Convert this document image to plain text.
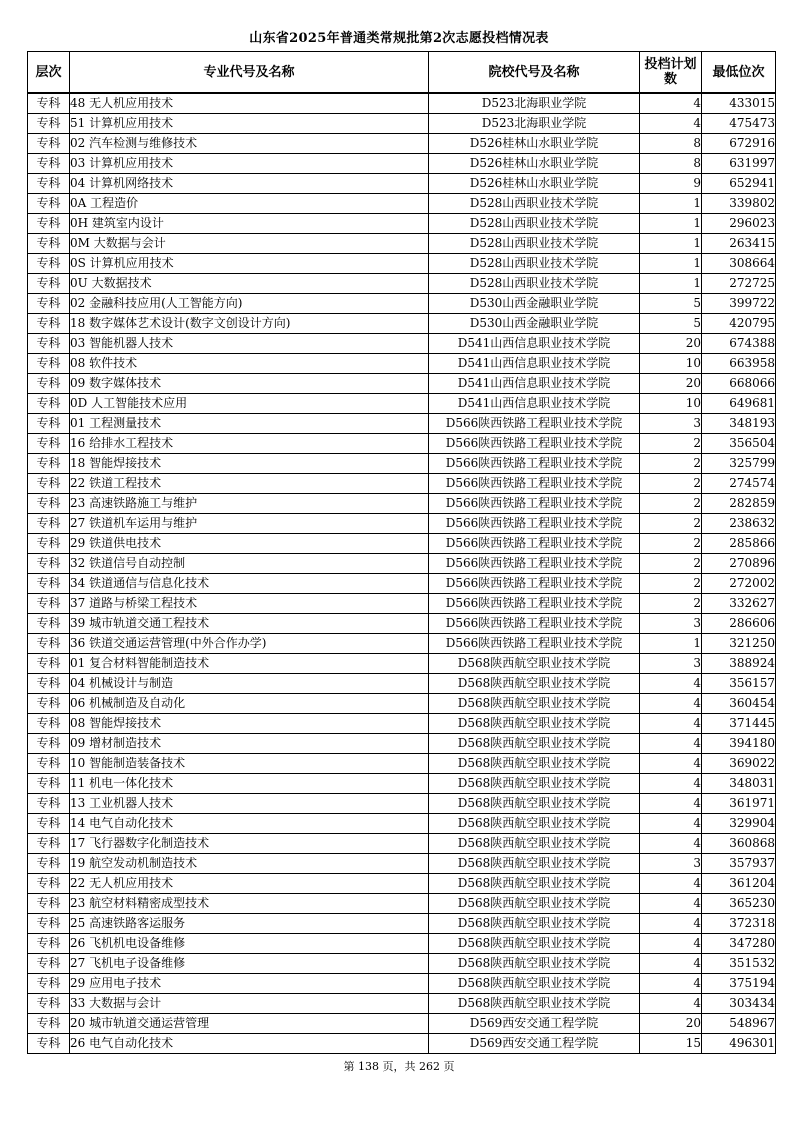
山东省2025年普通类常规批第2次志愿投档情况表
层次	专业代号及名称	院校代号及名称	投档计划数	最低位次
专科	48 无人机应用技术	D523北海职业学院	4	433015
专科	51 计算机应用技术	D523北海职业学院	4	475473
专科	02 汽车检测与维修技术	D526桂林山水职业学院	8	672916
专科	03 计算机应用技术	D526桂林山水职业学院	8	631997
专科	04 计算机网络技术	D526桂林山水职业学院	9	652941
专科	0A 工程造价	D528山西职业技术学院	1	339802
专科	0H 建筑室内设计	D528山西职业技术学院	1	296023
专科	0M 大数据与会计	D528山西职业技术学院	1	263415
专科	0S 计算机应用技术	D528山西职业技术学院	1	308664
专科	0U 大数据技术	D528山西职业技术学院	1	272725
专科	02 金融科技应用(人工智能方向)	D530山西金融职业学院	5	399722
专科	18 数字媒体艺术设计(数字文创设计方向)	D530山西金融职业学院	5	420795
专科	03 智能机器人技术	D541山西信息职业技术学院	20	674388
专科	08 软件技术	D541山西信息职业技术学院	10	663958
专科	09 数字媒体技术	D541山西信息职业技术学院	20	668066
专科	0D 人工智能技术应用	D541山西信息职业技术学院	10	649681
专科	01 工程测量技术	D566陕西铁路工程职业技术学院	3	348193
专科	16 给排水工程技术	D566陕西铁路工程职业技术学院	2	356504
专科	18 智能焊接技术	D566陕西铁路工程职业技术学院	2	325799
专科	22 铁道工程技术	D566陕西铁路工程职业技术学院	2	274574
专科	23 高速铁路施工与维护	D566陕西铁路工程职业技术学院	2	282859
专科	27 铁道机车运用与维护	D566陕西铁路工程职业技术学院	2	238632
专科	29 铁道供电技术	D566陕西铁路工程职业技术学院	2	285866
专科	32 铁道信号自动控制	D566陕西铁路工程职业技术学院	2	270896
专科	34 铁道通信与信息化技术	D566陕西铁路工程职业技术学院	2	272002
专科	37 道路与桥梁工程技术	D566陕西铁路工程职业技术学院	2	332627
专科	39 城市轨道交通工程技术	D566陕西铁路工程职业技术学院	3	286606
专科	36 铁道交通运营管理(中外合作办学)	D566陕西铁路工程职业技术学院	1	321250
专科	01 复合材料智能制造技术	D568陕西航空职业技术学院	3	388924
专科	04 机械设计与制造	D568陕西航空职业技术学院	4	356157
专科	06 机械制造及自动化	D568陕西航空职业技术学院	4	360454
专科	08 智能焊接技术	D568陕西航空职业技术学院	4	371445
专科	09 增材制造技术	D568陕西航空职业技术学院	4	394180
专科	10 智能制造装备技术	D568陕西航空职业技术学院	4	369022
专科	11 机电一体化技术	D568陕西航空职业技术学院	4	348031
专科	13 工业机器人技术	D568陕西航空职业技术学院	4	361971
专科	14 电气自动化技术	D568陕西航空职业技术学院	4	329904
专科	17 飞行器数字化制造技术	D568陕西航空职业技术学院	4	360868
专科	19 航空发动机制造技术	D568陕西航空职业技术学院	3	357937
专科	22 无人机应用技术	D568陕西航空职业技术学院	4	361204
专科	23 航空材料精密成型技术	D568陕西航空职业技术学院	4	365230
专科	25 高速铁路客运服务	D568陕西航空职业技术学院	4	372318
专科	26 飞机机电设备维修	D568陕西航空职业技术学院	4	347280
专科	27 飞机电子设备维修	D568陕西航空职业技术学院	4	351532
专科	29 应用电子技术	D568陕西航空职业技术学院	4	375194
专科	33 大数据与会计	D568陕西航空职业技术学院	4	303434
专科	20 城市轨道交通运营管理	D569西安交通工程学院	20	548967
专科	26 电气自动化技术	D569西安交通工程学院	15	496301
第 138 页，共 262 页
